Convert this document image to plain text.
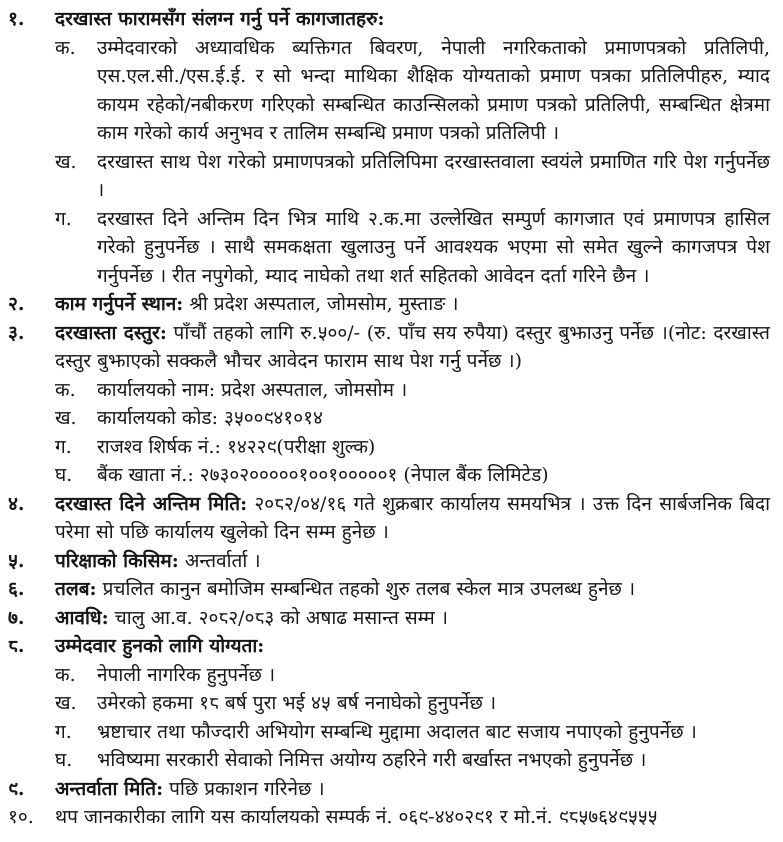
१.	दरखास्त फारामसँग संलग्न गर्नु पर्ने कागजातहरु:

क.	उम्मेदवारको अध्यावधिक ब्यक्तिगत बिवरण, नेपाली नगरिकताको प्रमाणपत्रको प्रतिलिपी, एस.एल.सी./एस.ई.ई. र सो भन्दा माथिका शैक्षिक योग्यताको प्रमाण पत्रका प्रतिलिपीहरु, म्याद कायम रहेको/नबीकरण गरिएको सम्बन्धित काउन्सिलको प्रमाण पत्रको प्रतिलिपी, सम्बन्धित क्षेत्रमा काम गरेको कार्य अनुभव र तालिम सम्बन्धि प्रमाण पत्रको प्रतिलिपी ।

ख.	दरखास्त साथ पेश गरेको प्रमाणपत्रको प्रतिलिपिमा दरखास्तवाला स्वयंले प्रमाणित गरि पेश गर्नुपर्नेछ ।

ग.	दरखास्त दिने अन्तिम दिन भित्र माथि २.क.मा उल्लेखित सम्पुर्ण कागजात एवं प्रमाणपत्र हासिल गरेको हुनुपर्नेछ । साथै समकक्षता खुलाउनु पर्ने आवश्यक भएमा सो समेत खुल्ने कागजपत्र पेश गर्नुपर्नेछ । रीत नपुगेको, म्याद नाघेको तथा शर्त सहितको आवेदन दर्ता गरिने छैन ।

२.	काम गर्नुपर्ने स्थान: श्री प्रदेश अस्पताल, जोमसोम, मुस्ताङ ।

३.	दरखास्ता दस्तुर: पाँचौं तहको लागि रु.५००/- (रु. पाँच सय रुपैया) दस्तुर बुझाउनु पर्नेछ ।(नोट: दरखास्त दस्तुर बुझाएको सक्कलै भौचर आवेदन फाराम साथ पेश गर्नु पर्नेछ ।)

क.	कार्यालयको नाम: प्रदेश अस्पताल, जोमसोम ।

ख.	कार्यालयको कोड: ३५००९४१०१४

ग.	राजश्व शिर्षक नं.: १४२२९(परीक्षा शुल्क)

घ.	बैंक खाता नं.: २७३०२०००००१००१०००००१ (नेपाल बैंक लिमिटेड)

४.	दरखास्त दिने अन्तिम मिति: २०८२/०४/१६ गते शुक्रबार कार्यालय समयभित्र । उक्त दिन सार्बजनिक बिदा परेमा सो पछि कार्यालय खुलेको दिन सम्म हुनेछ ।

५.	परिक्षाको किसिम: अन्तर्वार्ता ।

६.	तलब: प्रचलित कानुन बमोजिम सम्बन्धित तहको शुरु तलब स्केल मात्र उपलब्ध हुनेछ ।

७.	आवधि: चालु आ.व. २०८२/०८३ को अषाढ मसान्त सम्म ।

८.	उम्मेदवार हुनको लागि योग्यता:

क.	नेपाली नागरिक हुनुपर्नेछ ।

ख.	उमेरको हकमा १८ बर्ष पुरा भई ४५ बर्ष ननाघेको हुनुपर्नेछ ।

ग.	भ्रष्टाचार तथा फौज्दारी अभियोग सम्बन्धि मुद्दामा अदालत बाट सजाय नपाएको हुनुपर्नेछ ।

घ.	भविष्यमा सरकारी सेवाको निमित्त अयोग्य ठहरिने गरी बर्खास्त नभएको हुनुपर्नेछ ।

९.	अन्तर्वाता मिति: पछि प्रकाशन गरिनेछ ।

१०.	थप जानकारीका लागि यस कार्यालयको सम्पर्क नं. ०६९-४४०२९१ र मो.नं. ९८५७६४९५५५
